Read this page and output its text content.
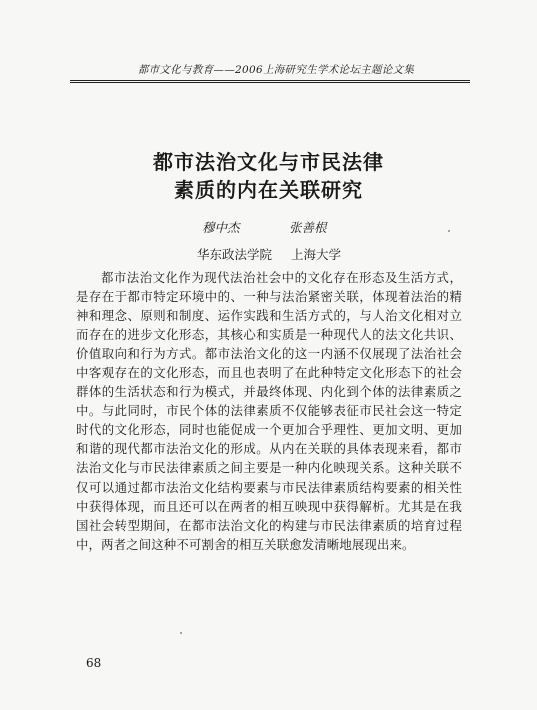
都市文化与教育——2006上海研究生学术论坛主题论文集
都市法治文化与市民法律
素质的内在关联研究
穆中杰	张善根
华东政法学院 上海大学
都市法治文化作为现代法治社会中的文化存在形态及生活方式，是存在于都市特定环境中的、一种与法治紧密关联，体现着法治的精神和理念、原则和制度、运作实践和生活方式的，与人治文化相对立而存在的进步文化形态，其核心和实质是一种现代人的法文化共识、价值取向和行为方式。都市法治文化的这一内涵不仅展现了法治社会中客观存在的文化形态，而且也表明了在此种特定文化形态下的社会群体的生活状态和行为模式，并最终体现、内化到个体的法律素质之中。与此同时，市民个体的法律素质不仅能够表征市民社会这一特定时代的文化形态，同时也能促成一个更加合乎理性、更加文明、更加和谐的现代都市法治文化的形成。从内在关联的具体表现来看，都市法治文化与市民法律素质之间主要是一种内化映现关系。这种关联不仅可以通过都市法治文化结构要素与市民法律素质结构要素的相关性中获得体现，而且还可以在两者的相互映现中获得解析。尤其是在我国社会转型期间，在都市法治文化的构建与市民法律素质的培育过程中，两者之间这种不可割舍的相互关联愈发清晰地展现出来。
68
